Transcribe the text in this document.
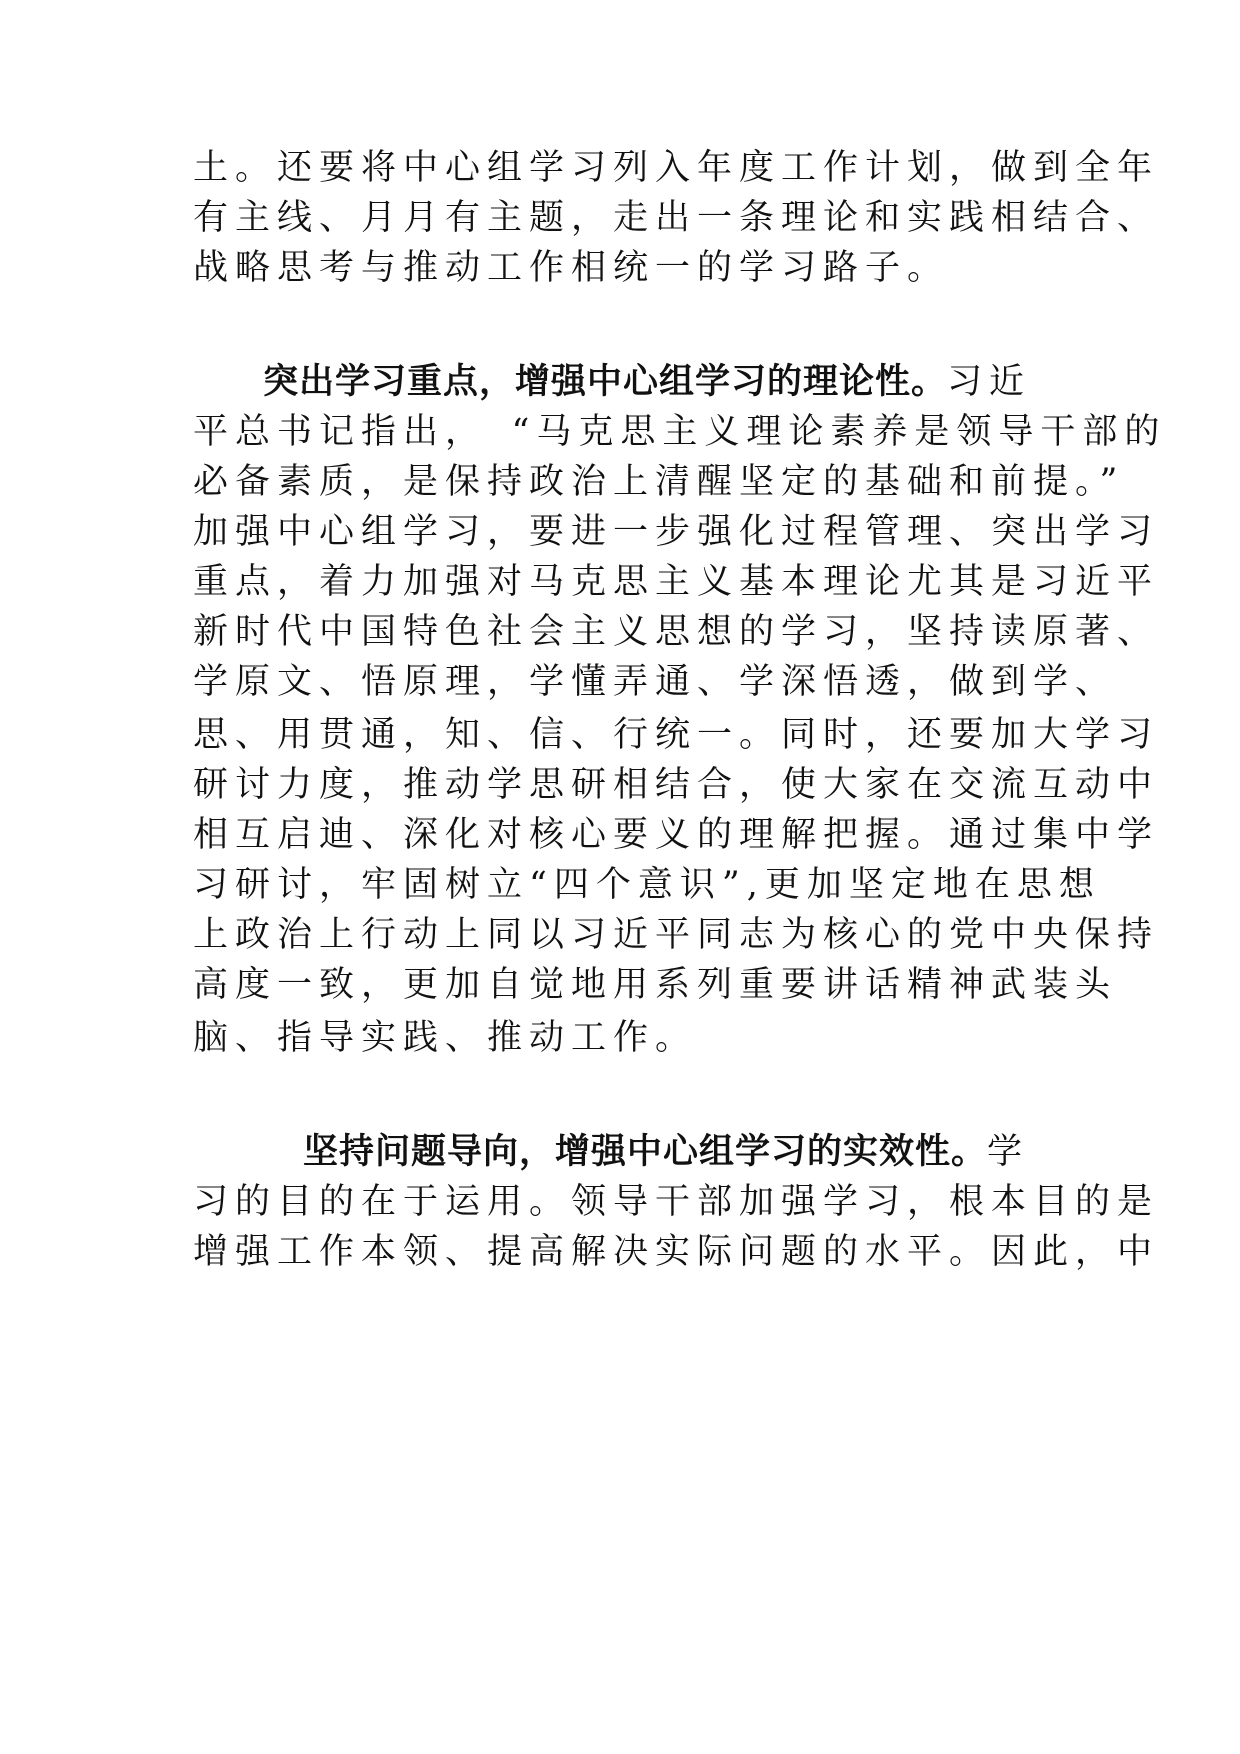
土。还要将中心组学习列入年度工作计划，做到全年
有主线、月月有主题，走出一条理论和实践相结合、
战略思考与推动工作相统一的学习路子。
突出学习重点，增强中心组学习的理论性。习近
平总书记指出，　“马克思主义理论素养是领导干部的
必备素质，是保持政治上清醒坚定的基础和前提。”
加强中心组学习，要进一步强化过程管理、突出学习
重点，着力加强对马克思主义基本理论尤其是习近平
新时代中国特色社会主义思想的学习，坚持读原著、
学原文、悟原理，学懂弄通、学深悟透，做到学、
思、用贯通，知、信、行统一。同时，还要加大学习
研讨力度，推动学思研相结合，使大家在交流互动中
相互启迪、深化对核心要义的理解把握。通过集中学
习研讨，牢固树立“四个意识”,更加坚定地在思想
上政治上行动上同以习近平同志为核心的党中央保持
高度一致，更加自觉地用系列重要讲话精神武装头
脑、指导实践、推动工作。
坚持问题导向，增强中心组学习的实效性。学
习的目的在于运用。领导干部加强学习，根本目的是
增强工作本领、提高解决实际问题的水平。因此，中
